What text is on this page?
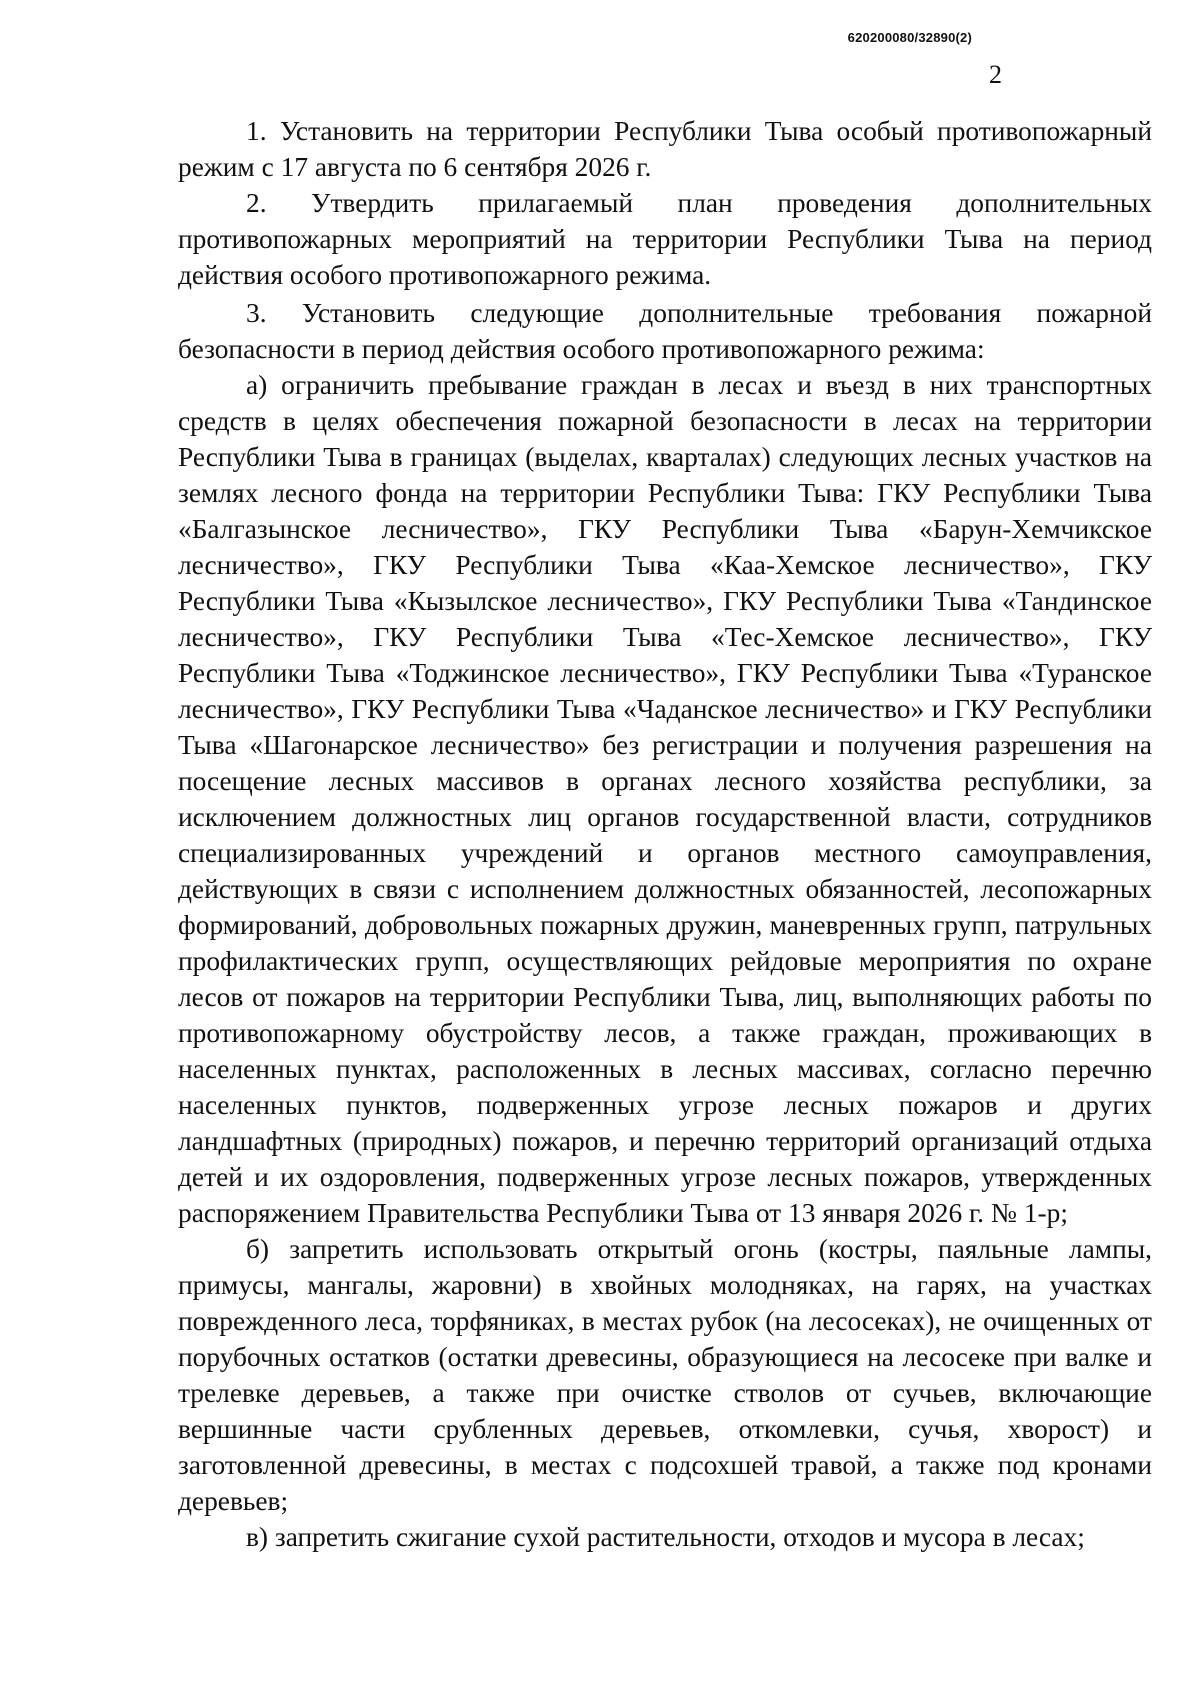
620200080/32890(2)
2

1. Установить на территории Республики Тыва особый противопожарный режим с 17 августа по 6 сентября 2026 г.

2. Утвердить прилагаемый план проведения дополнительных противопожарных мероприятий на территории Республики Тыва на период действия особого противопожарного режима.

3. Установить следующие дополнительные требования пожарной безопасности в период действия особого противопожарного режима:

а) ограничить пребывание граждан в лесах и въезд в них транспортных средств в целях обеспечения пожарной безопасности в лесах на территории Республики Тыва в границах (выделах, кварталах) следующих лесных участков на землях лесного фонда на территории Республики Тыва: ГКУ Республики Тыва «Балгазынское лесничество», ГКУ Республики Тыва «Барун-Хемчикское лесничество», ГКУ Республики Тыва «Каа-Хемское лесничество», ГКУ Республики Тыва «Кызылское лесничество», ГКУ Республики Тыва «Тандинское лесничество», ГКУ Республики Тыва «Тес-Хемское лесничество», ГКУ Республики Тыва «Тоджинское лесничество», ГКУ Республики Тыва «Туранское лесничество», ГКУ Республики Тыва «Чаданское лесничество» и ГКУ Республики Тыва «Шагонарское лесничество» без регистрации и получения разрешения на посещение лесных массивов в органах лесного хозяйства республики, за исключением должностных лиц органов государственной власти, сотрудников специализированных учреждений и органов местного самоуправления, действующих в связи с исполнением должностных обязанностей, лесопожарных формирований, добровольных пожарных дружин, маневренных групп, патрульных профилактических групп, осуществляющих рейдовые мероприятия по охране лесов от пожаров на территории Республики Тыва, лиц, выполняющих работы по противопожарному обустройству лесов, а также граждан, проживающих в населенных пунктах, расположенных в лесных массивах, согласно перечню населенных пунктов, подверженных угрозе лесных пожаров и других ландшафтных (природных) пожаров, и перечню территорий организаций отдыха детей и их оздоровления, подверженных угрозе лесных пожаров, утвержденных распоряжением Правительства Республики Тыва от 13 января 2026 г. № 1-р;

б) запретить использовать открытый огонь (костры, паяльные лампы, примусы, мангалы, жаровни) в хвойных молодняках, на гарях, на участках поврежденного леса, торфяниках, в местах рубок (на лесосеках), не очищенных от порубочных остатков (остатки древесины, образующиеся на лесосеке при валке и трелевке деревьев, а также при очистке стволов от сучьев, включающие вершинные части срубленных деревьев, откомлевки, сучья, хворост) и заготовленной древесины, в местах с подсохшей травой, а также под кронами деревьев;

в) запретить сжигание сухой растительности, отходов и мусора в лесах;
